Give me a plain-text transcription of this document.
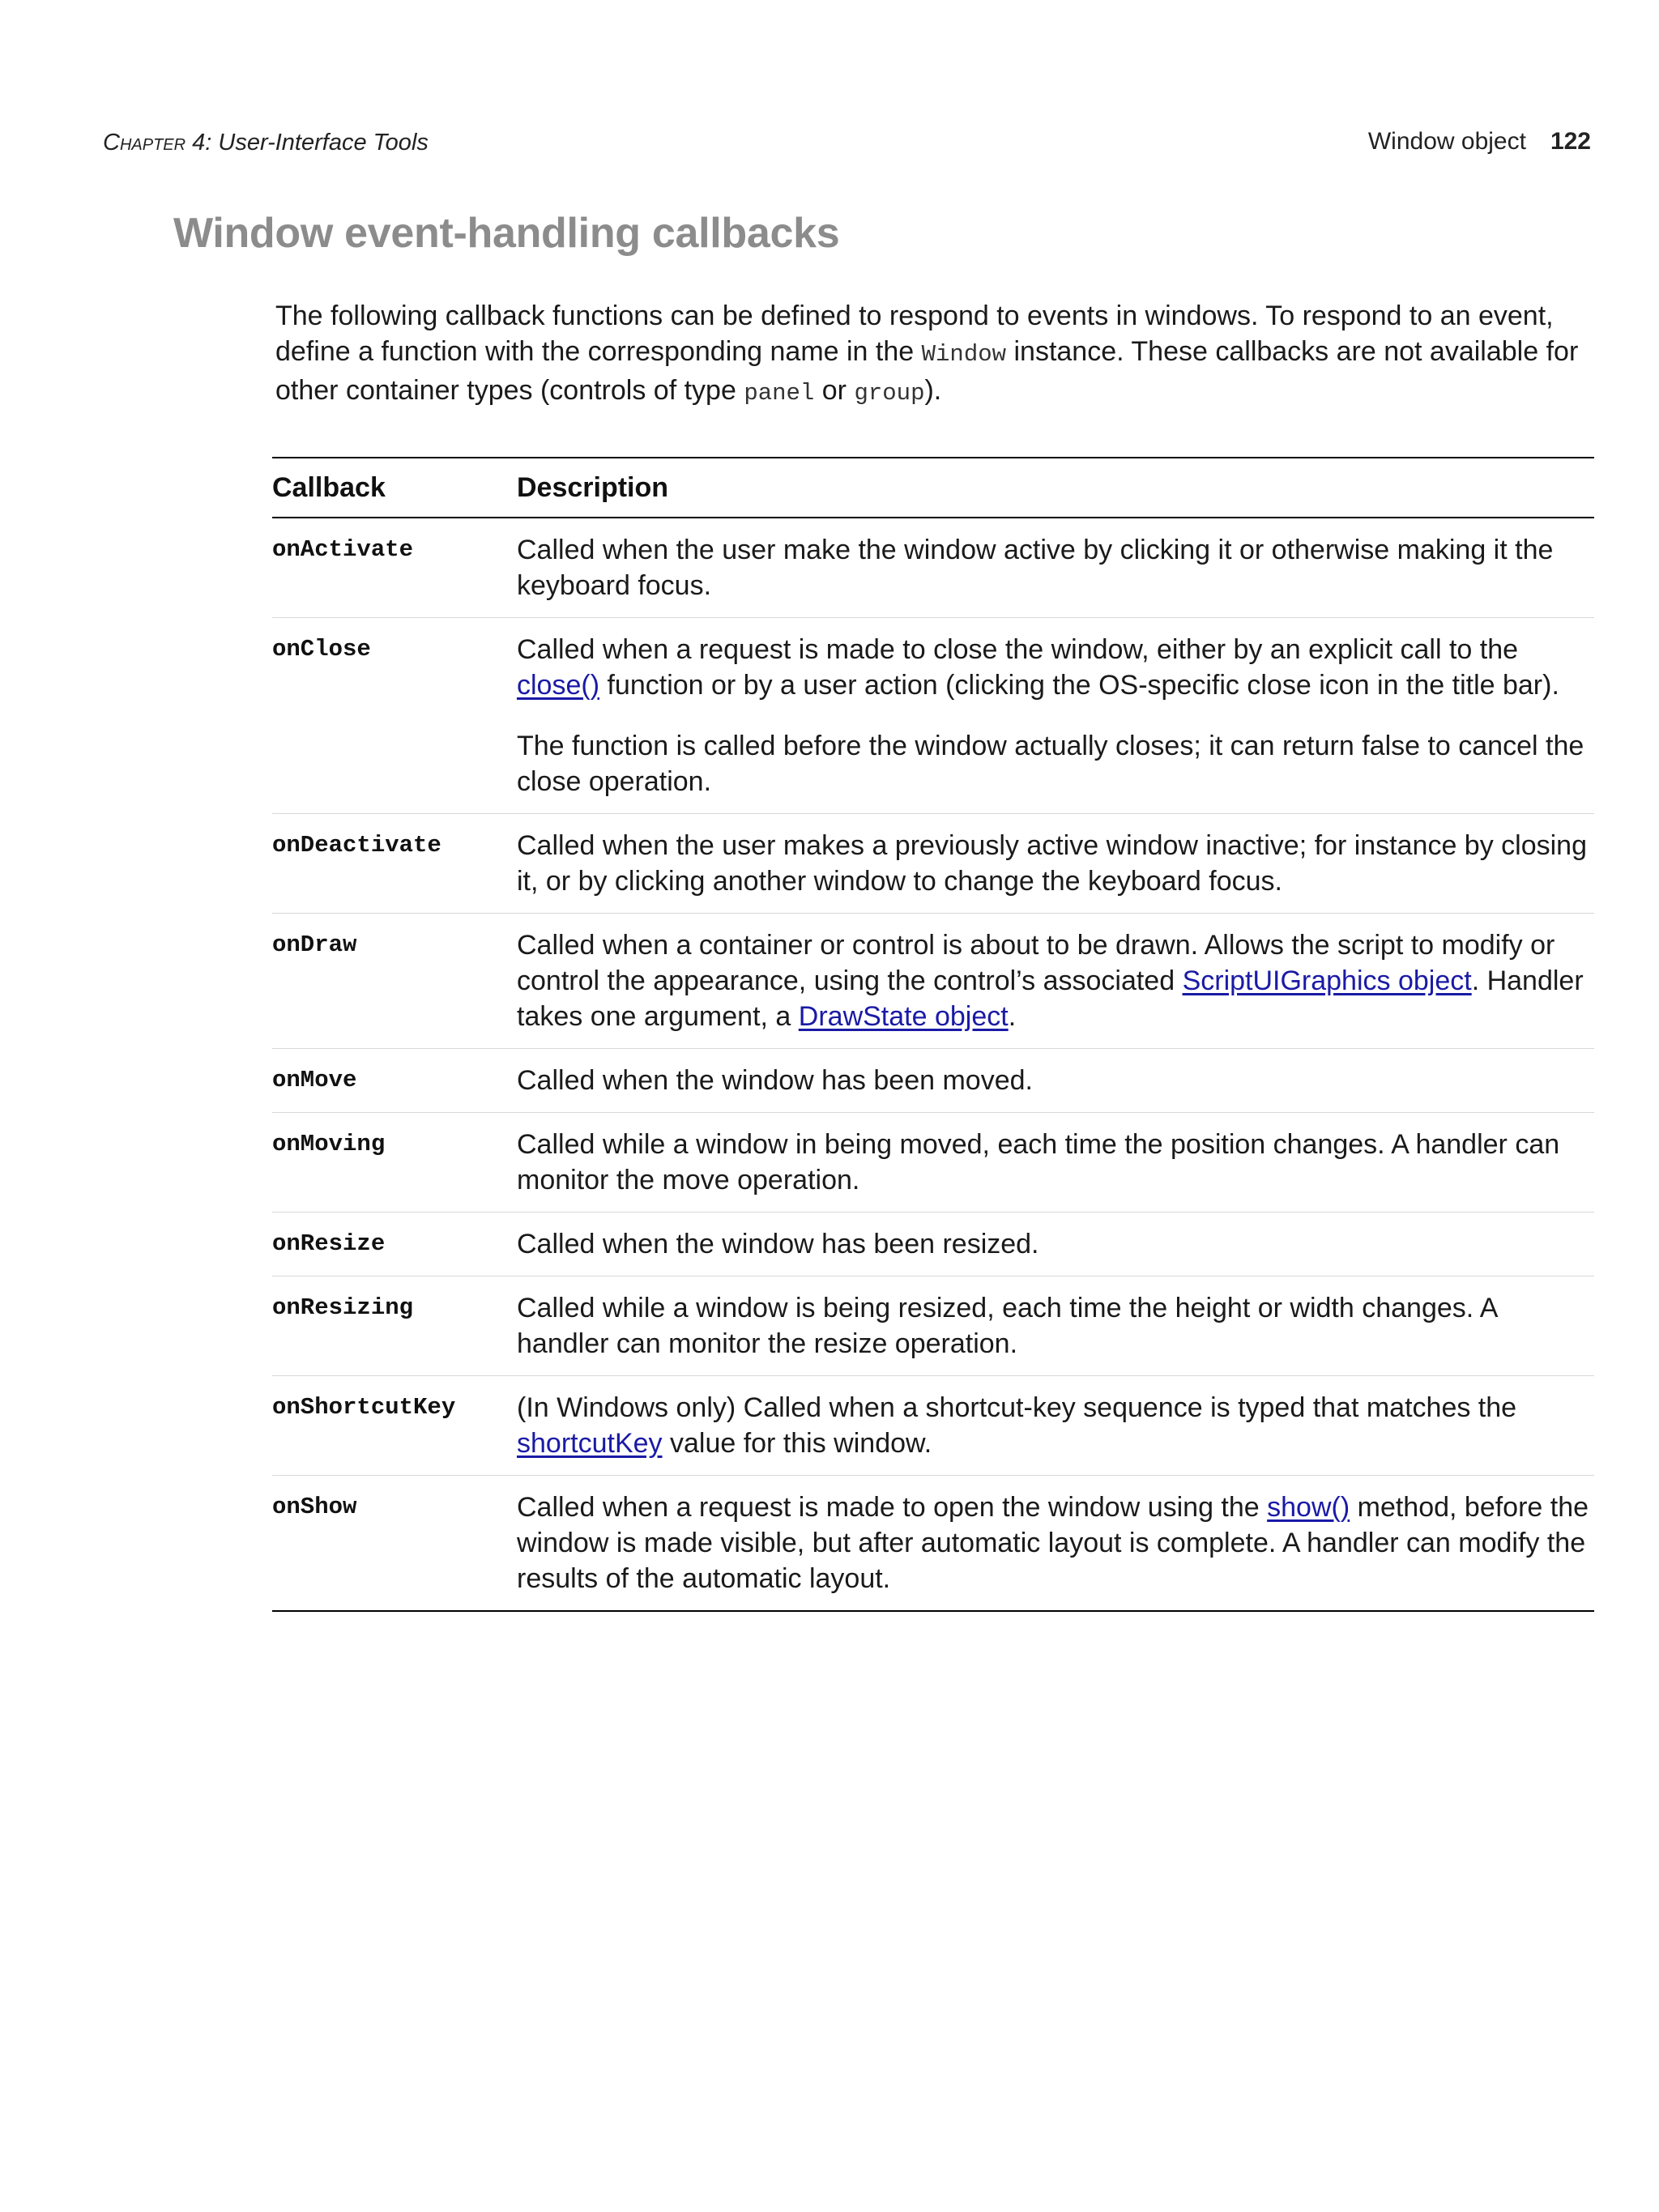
Chapter 4: User-Interface Tools	Window object 122
Window event-handling callbacks
The following callback functions can be defined to respond to events in windows. To respond to an event, define a function with the corresponding name in the Window instance. These callbacks are not available for other container types (controls of type panel or group).
Callback	Description
onActivate	Called when the user make the window active by clicking it or otherwise making it the keyboard focus.

onClose	Called when a request is made to close the window, either by an explicit call to the close() function or by a user action (clicking the OS-specific close icon in the title bar).

The function is called before the window actually closes; it can return false to cancel the close operation.

onDeactivate	Called when the user makes a previously active window inactive; for instance by closing it, or by clicking another window to change the keyboard focus.

onDraw	Called when a container or control is about to be drawn. Allows the script to modify or control the appearance, using the control’s associated ScriptUIGraphics object. Handler takes one argument, a DrawState object.

onMove	Called when the window has been moved.

onMoving	Called while a window in being moved, each time the position changes. A handler can monitor the move operation.

onResize	Called when the window has been resized.

onResizing	Called while a window is being resized, each time the height or width changes. A handler can monitor the resize operation.

onShortcutKey	(In Windows only) Called when a shortcut-key sequence is typed that matches the shortcutKey value for this window.

onShow	Called when a request is made to open the window using the show() method, before the window is made visible, but after automatic layout is complete. A handler can modify the results of the automatic layout.
